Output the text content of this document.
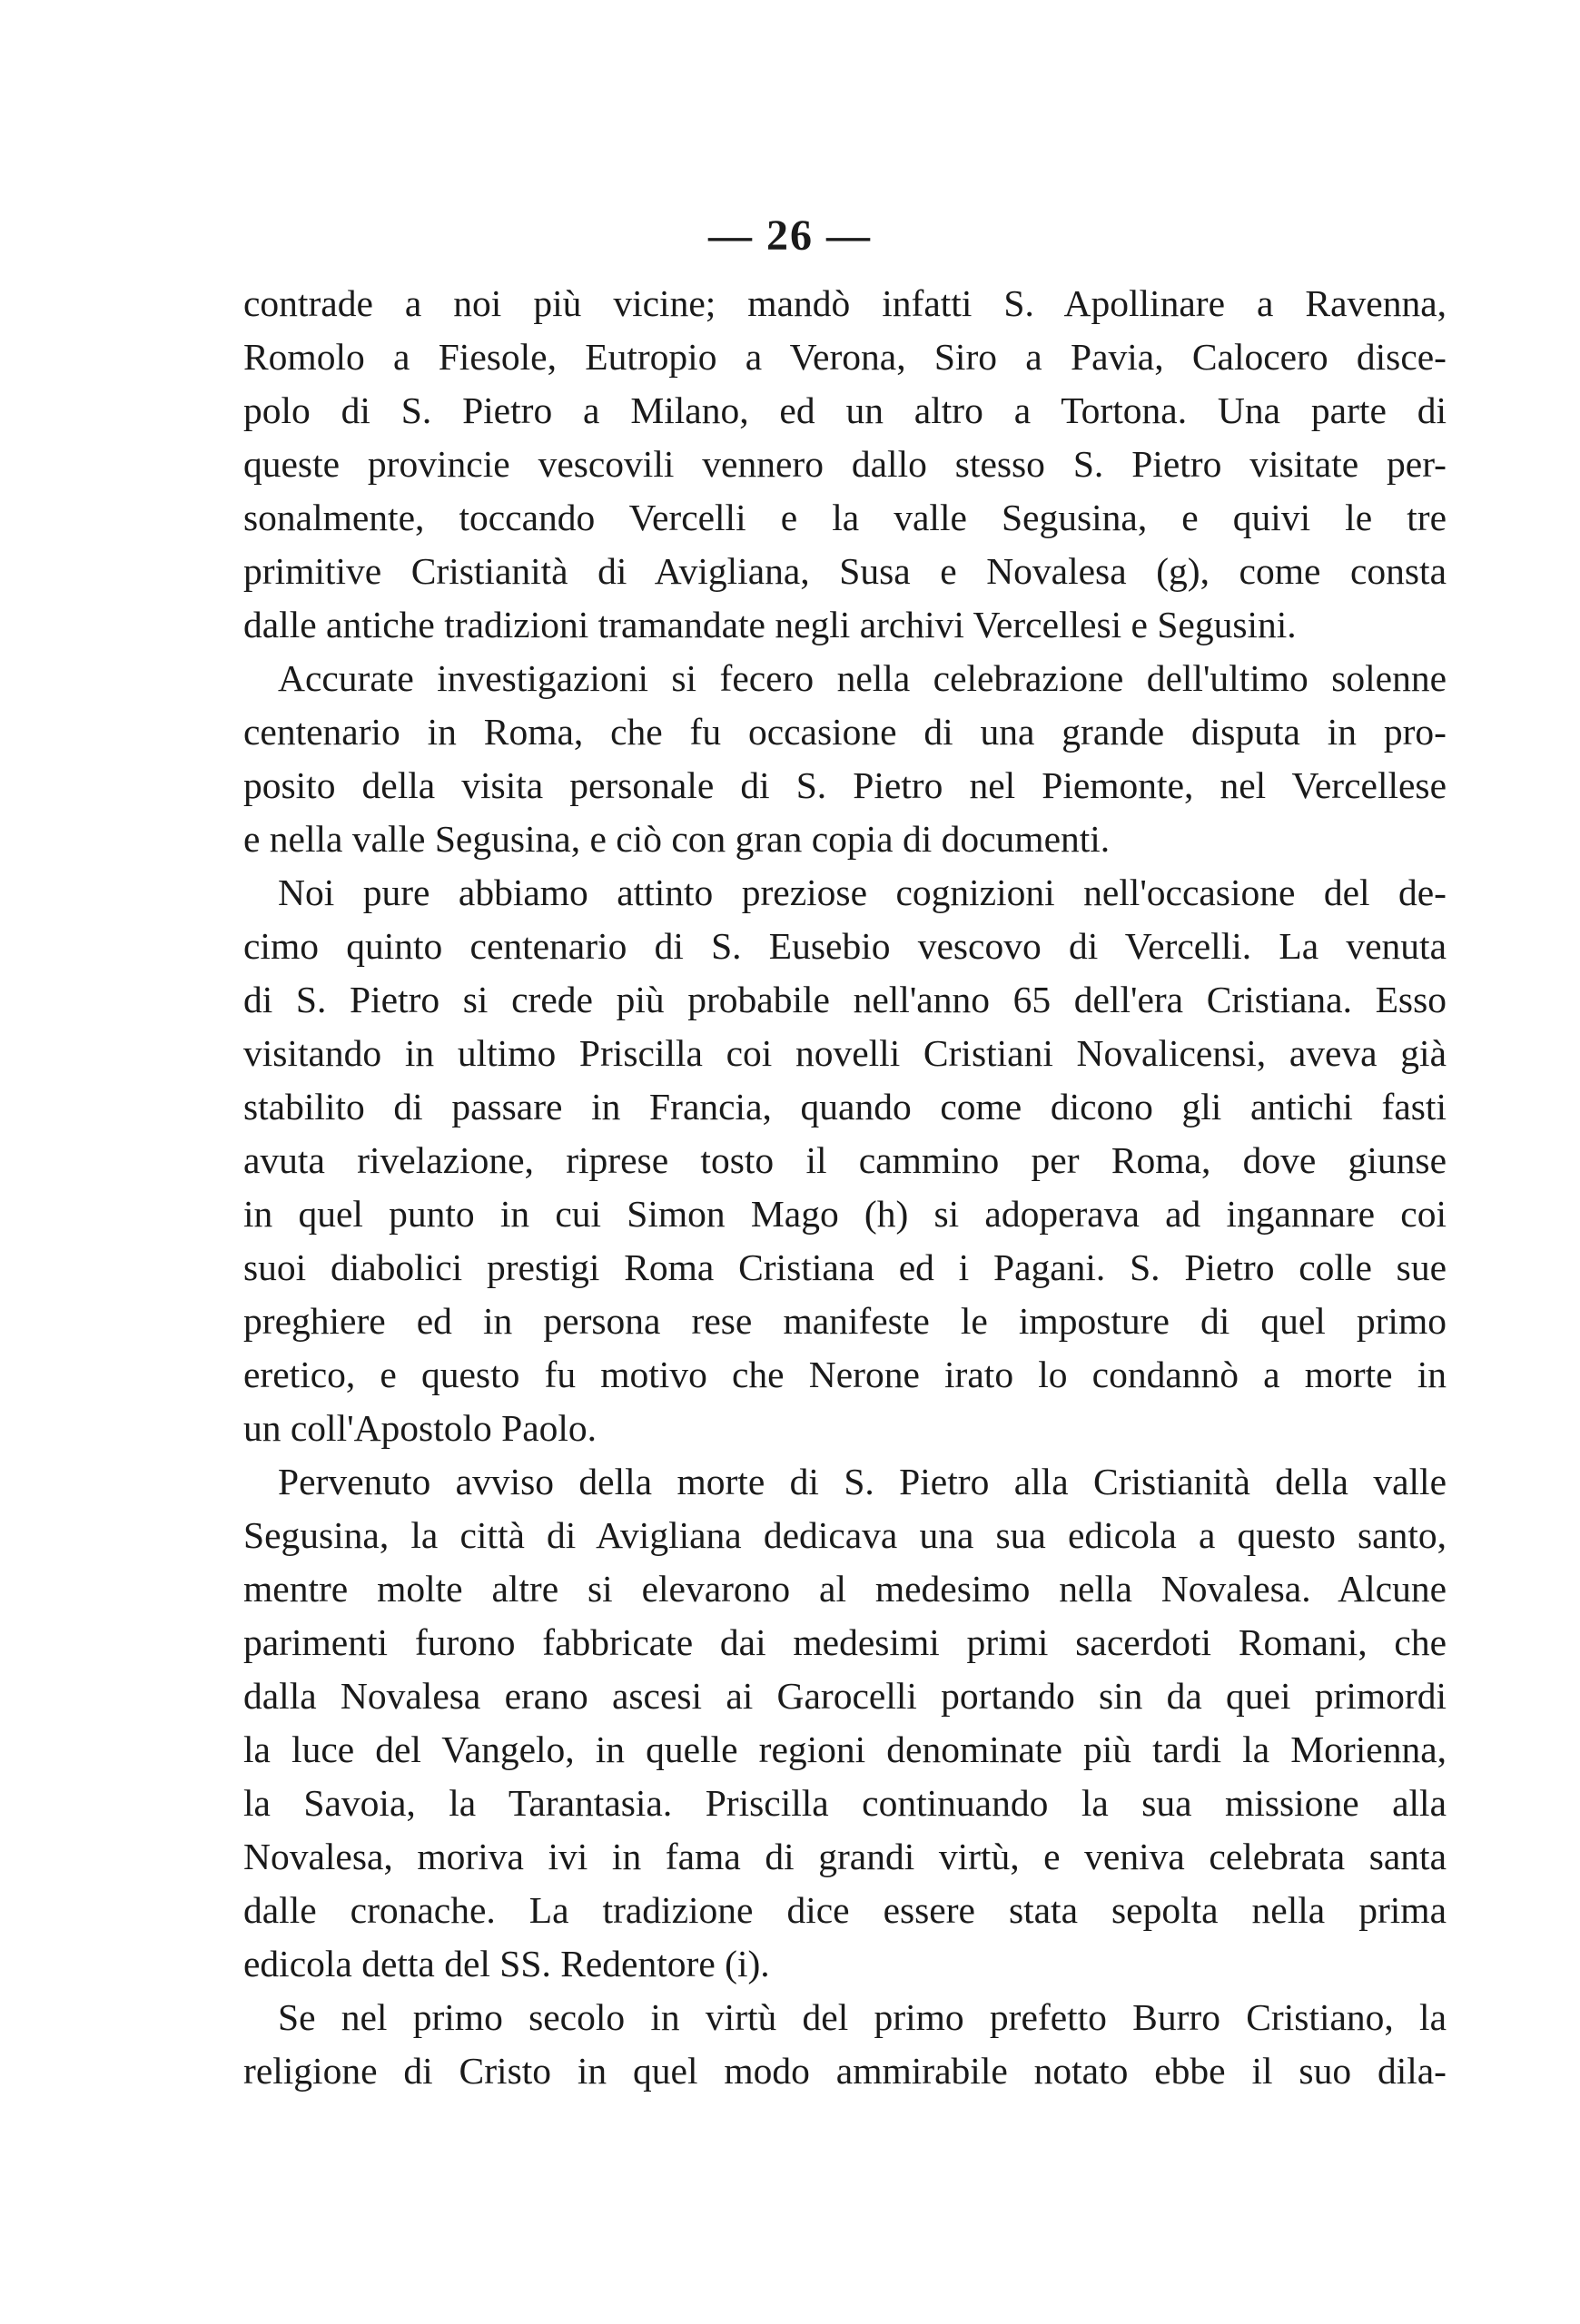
— 26 —
contrade a noi più vicine; mandò infatti S. Apollinare a Ravenna,
Romolo a Fiesole, Eutropio a Verona, Siro a Pavia, Calocero disce-
polo di S. Pietro a Milano, ed un altro a Tortona. Una parte di
queste provincie vescovili vennero dallo stesso S. Pietro visitate per-
sonalmente, toccando Vercelli e la valle Segusina, e quivi le tre
primitive Cristianità di Avigliana, Susa e Novalesa (g), come consta
dalle antiche tradizioni tramandate negli archivi Vercellesi e Segusini.
Accurate investigazioni si fecero nella celebrazione dell'ultimo solenne
centenario in Roma, che fu occasione di una grande disputa in pro-
posito della visita personale di S. Pietro nel Piemonte, nel Vercellese
e nella valle Segusina, e ciò con gran copia di documenti.
Noi pure abbiamo attinto preziose cognizioni nell'occasione del de-
cimo quinto centenario di S. Eusebio vescovo di Vercelli. La venuta
di S. Pietro si crede più probabile nell'anno 65 dell'era Cristiana. Esso
visitando in ultimo Priscilla coi novelli Cristiani Novalicensi, aveva già
stabilito di passare in Francia, quando come dicono gli antichi fasti
avuta rivelazione, riprese tosto il cammino per Roma, dove giunse
in quel punto in cui Simon Mago (h) si adoperava ad ingannare coi
suoi diabolici prestigi Roma Cristiana ed i Pagani. S. Pietro colle sue
preghiere ed in persona rese manifeste le imposture di quel primo
eretico, e questo fu motivo che Nerone irato lo condannò a morte in
un coll'Apostolo Paolo.
Pervenuto avviso della morte di S. Pietro alla Cristianità della valle
Segusina, la città di Avigliana dedicava una sua edicola a questo santo,
mentre molte altre si elevarono al medesimo nella Novalesa. Alcune
parimenti furono fabbricate dai medesimi primi sacerdoti Romani, che
dalla Novalesa erano ascesi ai Garocelli portando sin da quei primordi
la luce del Vangelo, in quelle regioni denominate più tardi la Morienna,
la Savoia, la Tarantasia. Priscilla continuando la sua missione alla
Novalesa, moriva ivi in fama di grandi virtù, e veniva celebrata santa
dalle cronache. La tradizione dice essere stata sepolta nella prima
edicola detta del SS. Redentore (i).
Se nel primo secolo in virtù del primo prefetto Burro Cristiano, la
religione di Cristo in quel modo ammirabile notato ebbe il suo dila-
